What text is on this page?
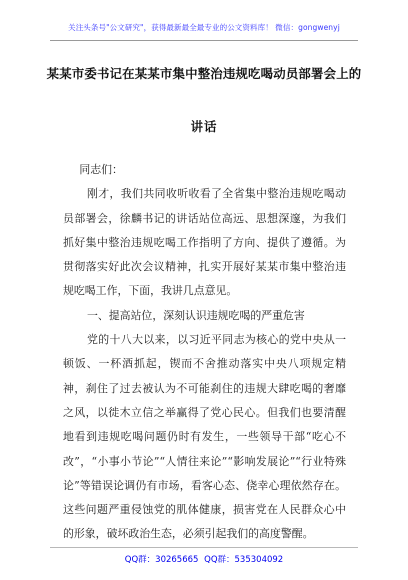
关注头条号"公文研究"，获得最新最全最专业的公文资料库！ 微信：gongwenyj
某某市委书记在某某市集中整治违规吃喝动员部署会上的
讲话

同志们：

刚才，我们共同收听收看了全省集中整治违规吃喝动员部署会，徐麟书记的讲话站位高远、思想深邃，为我们抓好集中整治违规吃喝工作指明了方向、提供了遵循。为贯彻落实好此次会议精神，扎实开展好某某市集中整治违规吃喝工作，下面，我讲几点意见。

一、提高站位，深刻认识违规吃喝的严重危害

党的十八大以来，以习近平同志为核心的党中央从一顿饭、一杯酒抓起，锲而不舍推动落实中央八项规定精神，刹住了过去被认为不可能刹住的违规大肆吃喝的奢靡之风，以徙木立信之举赢得了党心民心。但我们也要清醒地看到违规吃喝问题仍时有发生，一些领导干部“吃心不改”，“小事小节论”“人情往来论”“影响发展论”“行业特殊论”等错误论调仍有市场，看客心态、侥幸心理依然存在。这些问题严重侵蚀党的肌体健康，损害党在人民群众心中的形象，破坏政治生态，必须引起我们的高度警醒。

QQ群：30265665 QQ群：535304092
